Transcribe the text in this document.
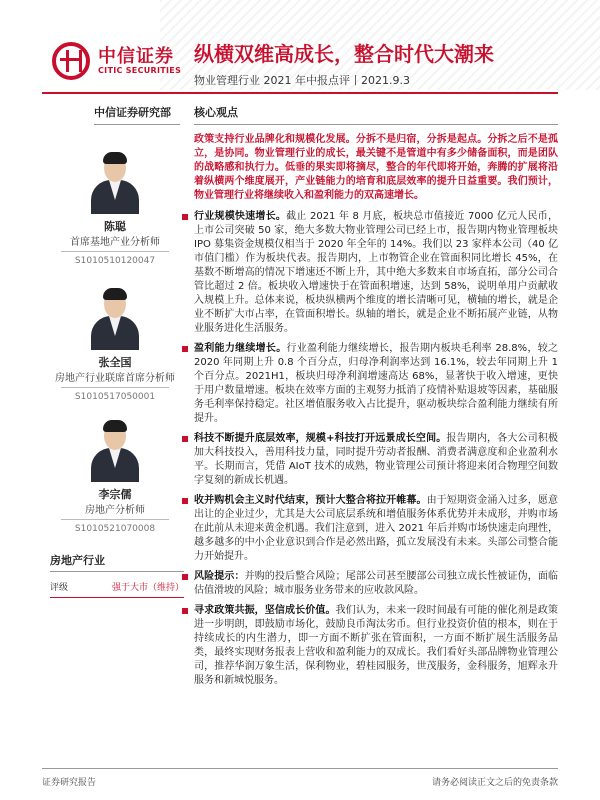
中信证券
CITIC SECURITIES
纵横双维高成长，整合时代大潮来
物业管理行业 2021 年中报点评丨2021.9.3
中信证券研究部
陈聪
首席基地产业分析师
S1010510120047
张全国
房地产行业联席首席分析师
S1010517050001
李宗儒
房地产分析师
S1010521070008
房地产行业
评级	强于大市（维持）
核心观点
政策支持行业品牌化和规模化发展。分拆不是归宿，分拆是起点。分拆之后不是孤立，是协同。物业管理行业的成长，最关键不是管道中有多少储备面积，而是团队的战略感和执行力。低垂的果实即将摘尽，整合的年代即将开始，奔腾的扩展将沿着纵横两个维度展开，产业链能力的培育和底层效率的提升日益重要。我们预计，物业管理行业将继续收入和盈利能力的双高速增长。
行业规模快速增长。截止 2021 年 8 月底，板块总市值接近 7000 亿元人民币，上市公司突破 50 家，绝大多数大物业管理公司已经上市，报告期内物业管理板块 IPO 募集资金规模仅相当于 2020 年全年的 14%。我们以 23 家样本公司（40 亿市值门槛）作为板块代表。报告期内，上市物管企业在管面积同比增长 45%，在基数不断增高的情况下增速还不断上升，其中绝大多数来自市场直拓，部分公司合管比超过 2 倍。板块收入增速快于在管面积增速，达到 58%，说明单用户贡献收入规模上升。总体来说，板块纵横两个维度的增长清晰可见，横轴的增长，就是企业不断扩大市占率，在管面积增长。纵轴的增长，就是企业不断拓展产业链，从物业服务进化生活服务。
盈利能力继续增长。行业盈利能力继续增长，报告期内板块毛利率 28.8%，较之 2020 年同期上升 0.8 个百分点，归母净利润率达到 16.1%，较去年同期上升 1 个百分点。2021H1，板块归母净利润增速高达 68%，显著快于收入增速，更快于用户数量增速。板块在效率方面的主观努力抵消了疫情补贴退坡等因素，基础服务毛利率保持稳定。社区增值服务收入占比提升，驱动板块综合盈利能力继续有所提升。
科技不断提升底层效率，规模+科技打开远景成长空间。报告期内，各大公司积极加大科技投入，善用科技力量，同时提升劳动者报酬、消费者满意度和企业盈利水平。长期而言，凭借 AIoT 技术的成熟，物业管理公司预计将迎来闭合物理空间数字复刻的新成长机遇。
收并购机会主义时代结束，预计大整合将拉开帷幕。由于短期资金涌入过多，愿意出让的企业过少，尤其是大公司底层系统和增值服务体系优势并未成形，并购市场在此前从未迎来黄金机遇。我们注意到，进入 2021 年后并购市场快速走向理性，越多越多的中小企业意识到合作是必然出路，孤立发展没有未来。头部公司整合能力开始提升。
风险提示：并购的投后整合风险；尾部公司甚至腰部公司独立成长性被证伪，面临估值滑坡的风险；城市服务业务带来的应收款风险。
寻求政策共振，坚信成长价值。我们认为，未来一段时间最有可能的催化剂是政策进一步明朗，即鼓励市场化，鼓励良币淘汰劣币。但行业投资价值的根本，则在于持续成长的内生潜力，即一方面不断扩张在管面积，一方面不断扩展生活服务品类，最终实现财务报表上营收和盈利能力的双成长。我们看好头部品牌物业管理公司，推荐华润万象生活，保利物业，碧桂园服务，世茂服务，金科服务，旭辉永升服务和新城悦服务。
证券研究报告	请务必阅读正文之后的免责条款
